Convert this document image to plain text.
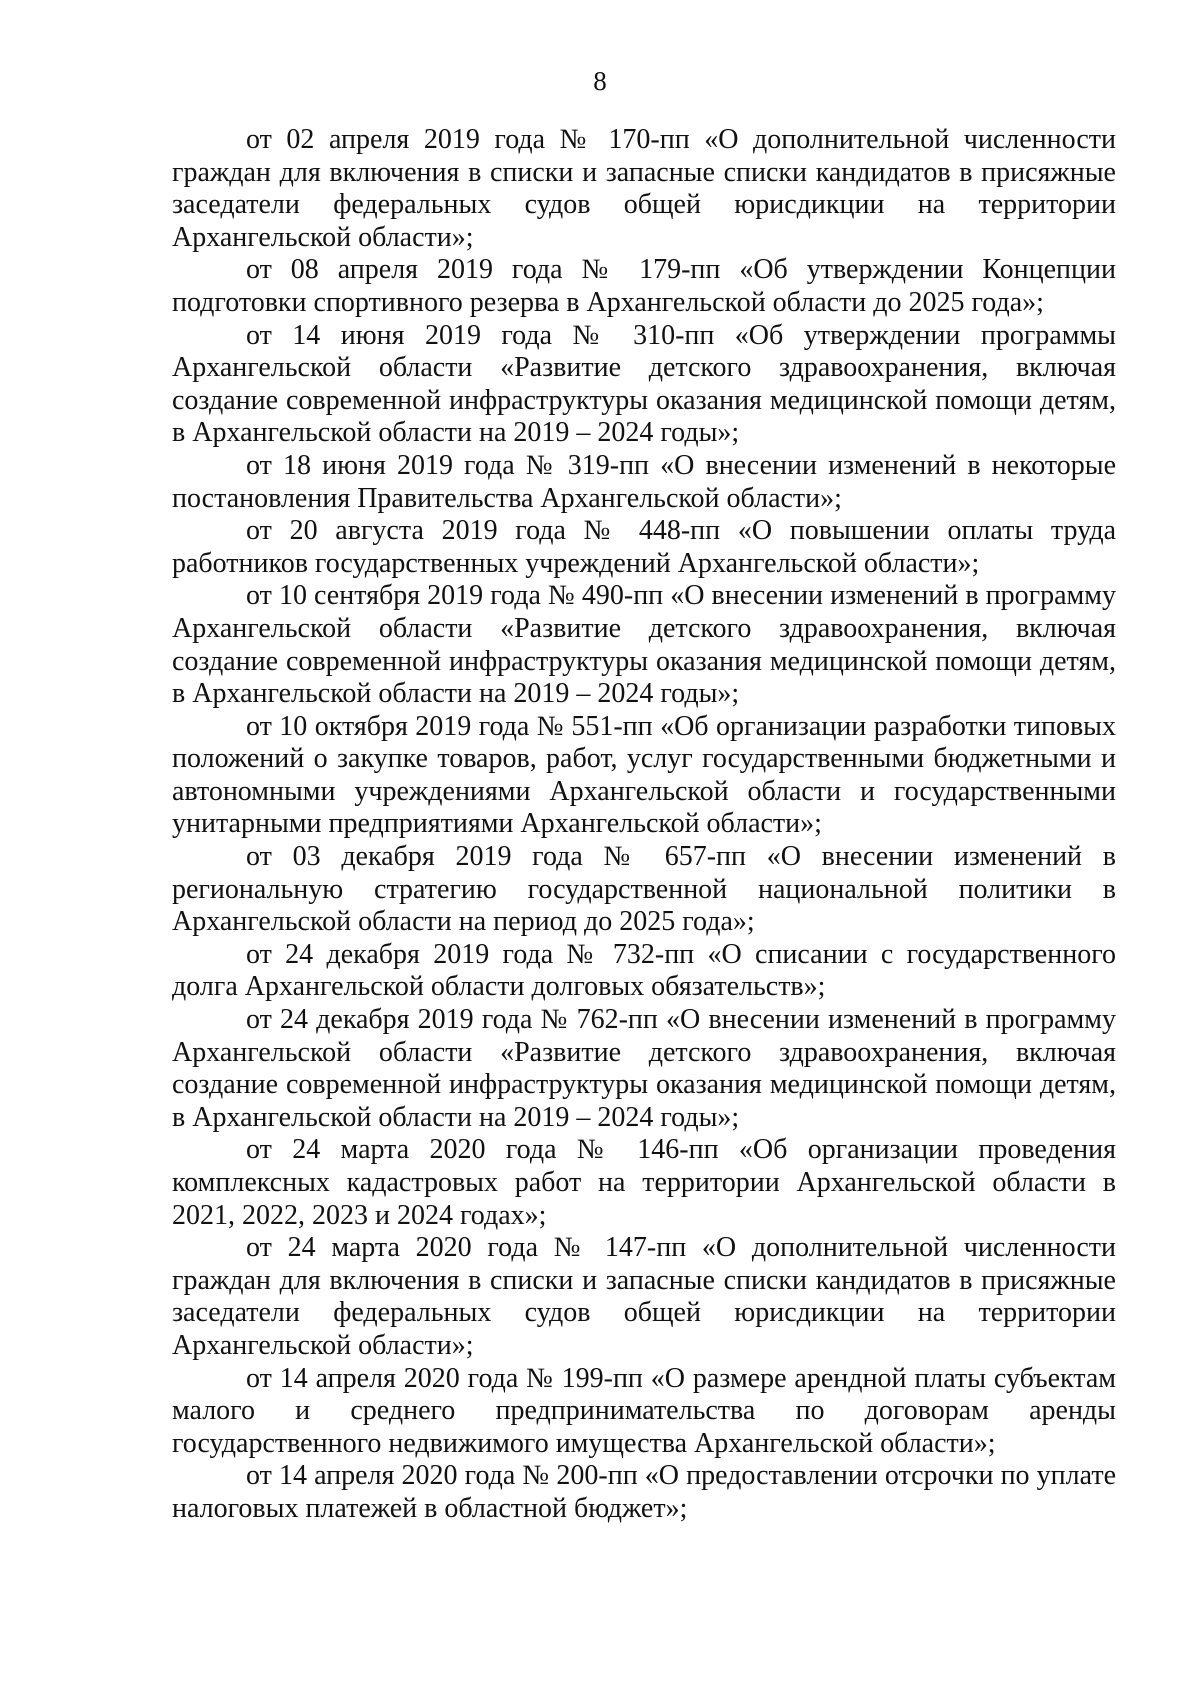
8

от 02 апреля 2019 года № 170-пп «О дополнительной численности граждан для включения в списки и запасные списки кандидатов в присяжные заседатели федеральных судов общей юрисдикции на территории Архангельской области»;

от 08 апреля 2019 года № 179-пп «Об утверждении Концепции подготовки спортивного резерва в Архангельской области до 2025 года»;

от 14 июня 2019 года № 310-пп «Об утверждении программы Архангельской области «Развитие детского здравоохранения, включая создание современной инфраструктуры оказания медицинской помощи детям, в Архангельской области на 2019 – 2024 годы»;

от 18 июня 2019 года № 319-пп «О внесении изменений в некоторые постановления Правительства Архангельской области»;

от 20 августа 2019 года № 448-пп «О повышении оплаты труда работников государственных учреждений Архангельской области»;

от 10 сентября 2019 года № 490-пп «О внесении изменений в программу Архангельской области «Развитие детского здравоохранения, включая создание современной инфраструктуры оказания медицинской помощи детям, в Архангельской области на 2019 – 2024 годы»;

от 10 октября 2019 года № 551-пп «Об организации разработки типовых положений о закупке товаров, работ, услуг государственными бюджетными и автономными учреждениями Архангельской области и государственными унитарными предприятиями Архангельской области»;

от 03 декабря 2019 года № 657-пп «О внесении изменений в региональную стратегию государственной национальной политики в Архангельской области на период до 2025 года»;

от 24 декабря 2019 года № 732-пп «О списании с государственного долга Архангельской области долговых обязательств»;

от 24 декабря 2019 года № 762-пп «О внесении изменений в программу Архангельской области «Развитие детского здравоохранения, включая создание современной инфраструктуры оказания медицинской помощи детям, в Архангельской области на 2019 – 2024 годы»;

от 24 марта 2020 года № 146-пп «Об организации проведения комплексных кадастровых работ на территории Архангельской области в 2021, 2022, 2023 и 2024 годах»;

от 24 марта 2020 года № 147-пп «О дополнительной численности граждан для включения в списки и запасные списки кандидатов в присяжные заседатели федеральных судов общей юрисдикции на территории Архангельской области»;

от 14 апреля 2020 года № 199-пп «О размере арендной платы субъектам малого и среднего предпринимательства по договорам аренды государственного недвижимого имущества Архангельской области»;

от 14 апреля 2020 года № 200-пп «О предоставлении отсрочки по уплате налоговых платежей в областной бюджет»;
